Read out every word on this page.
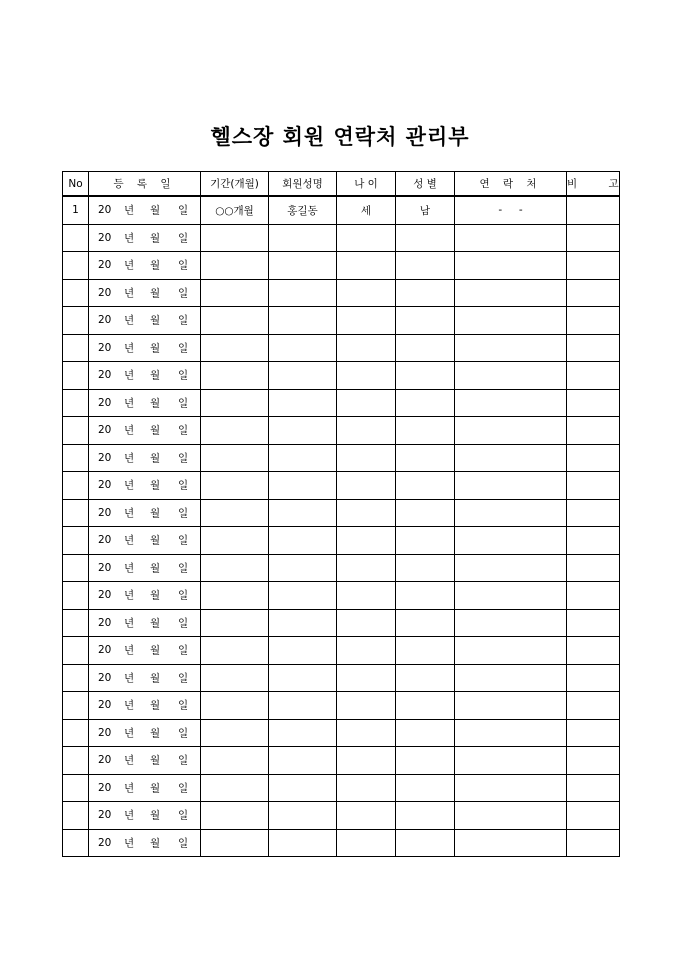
헬스장 회원 연락처 관리부
No	등 록 일	기간(개월)	회원성명	나 이	성 별	연 락 처	비 고
1	20 년 월 일	○○개월	홍길동	세	남	-     -	

	20 년 월 일						

	20 년 월 일						

	20 년 월 일						

	20 년 월 일						

	20 년 월 일						

	20 년 월 일						

	20 년 월 일						

	20 년 월 일						

	20 년 월 일						

	20 년 월 일						

	20 년 월 일						

	20 년 월 일						

	20 년 월 일						

	20 년 월 일						

	20 년 월 일						

	20 년 월 일						

	20 년 월 일						

	20 년 월 일						

	20 년 월 일						

	20 년 월 일						

	20 년 월 일						

	20 년 월 일						

	20 년 월 일						
